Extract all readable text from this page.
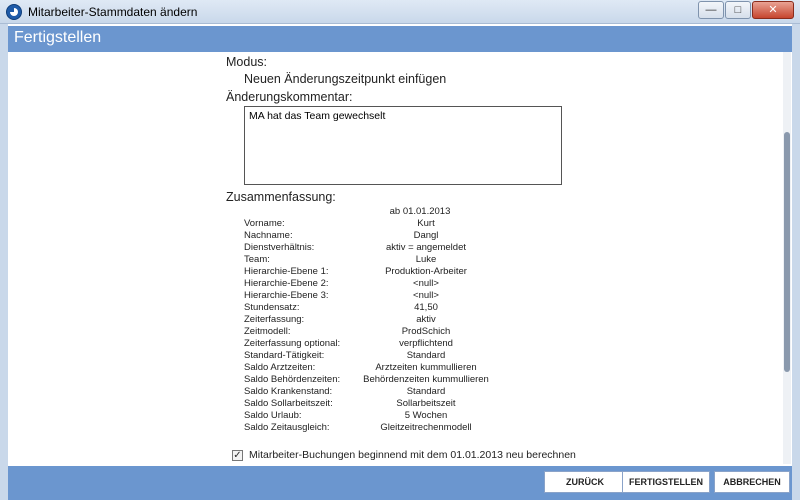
Mitarbeiter-Stammdaten ändern	—	□	✕
Fertigstellen
Modus:
Neuen Änderungszeitpunkt einfügen
Änderungskommentar:
MA hat das Team gewechselt
Zusammenfassung:
ab 01.01.2013
Vorname:	Kurt
Nachname:	Dangl
Dienstverhältnis:	aktiv = angemeldet
Team:	Luke
Hierarchie-Ebene 1:	Produktion-Arbeiter
Hierarchie-Ebene 2:	<null>
Hierarchie-Ebene 3:	<null>
Stundensatz:	41,50
Zeiterfassung:	aktiv
Zeitmodell:	ProdSchich
Zeiterfassung optional:	verpflichtend
Standard-Tätigkeit:	Standard
Saldo Arztzeiten:	Arztzeiten kummullieren
Saldo Behördenzeiten:	Behördenzeiten kummullieren
Saldo Krankenstand:	Standard
Saldo Sollarbeitszeit:	Sollarbeitszeit
Saldo Urlaub:	5 Wochen
Saldo Zeitausgleich:	Gleitzeitrechenmodell
✓ Mitarbeiter-Buchungen beginnend mit dem 01.01.2013 neu berechnen
ZURÜCK	FERTIGSTELLEN	ABBRECHEN
